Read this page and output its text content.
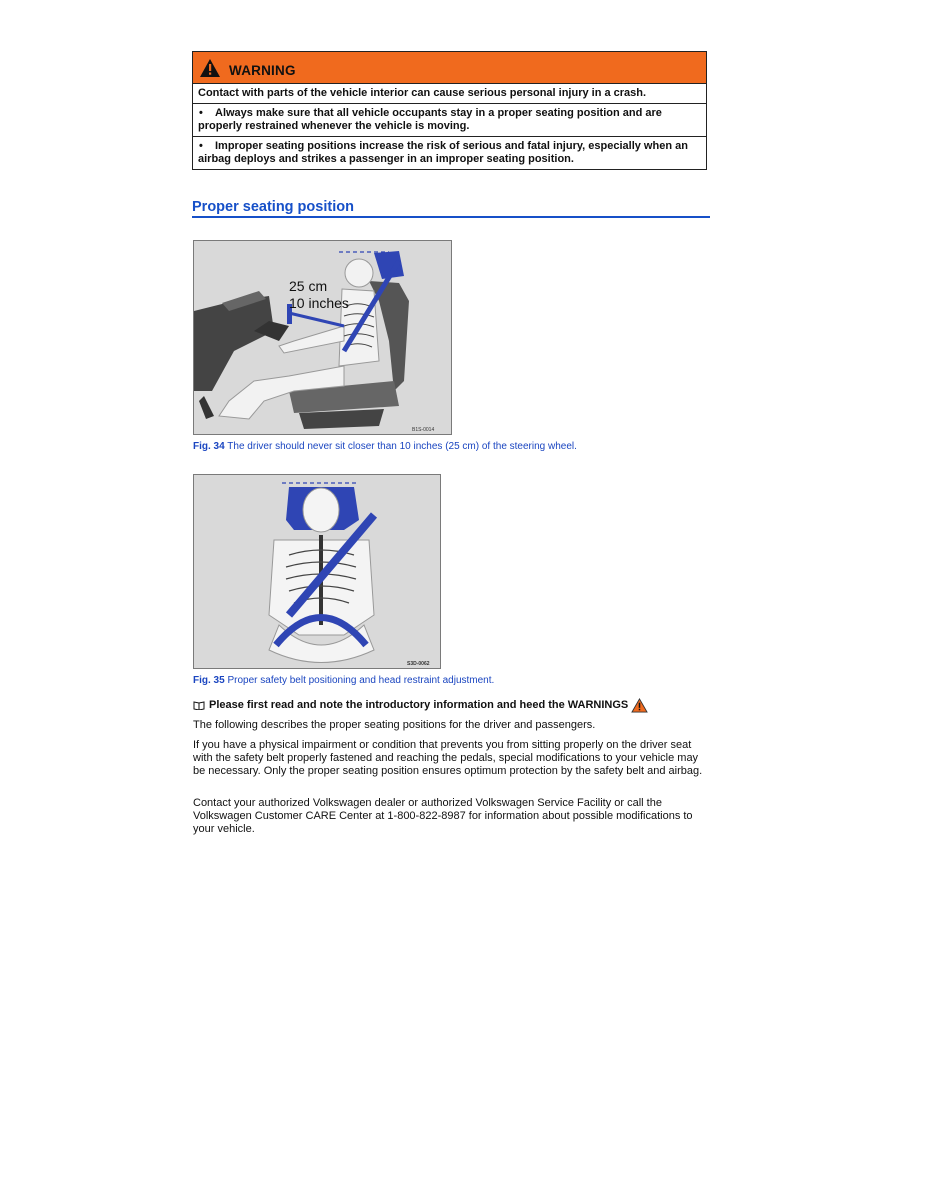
WARNING
Contact with parts of the vehicle interior can cause serious personal injury in a crash.
• Always make sure that all vehicle occupants stay in a proper seating position and are properly restrained whenever the vehicle is moving.
• Improper seating positions increase the risk of serious and fatal injury, especially when an airbag deploys and strikes a passenger in an improper seating position.
Proper seating position
25 cm
10 inches
B1S-0014
Fig. 34 The driver should never sit closer than 10 inches (25 cm) of the steering wheel.
S3D-0062
Fig. 35 Proper safety belt positioning and head restraint adjustment.
Please first read and note the introductory information and heed the WARNINGS
The following describes the proper seating positions for the driver and passengers.
If you have a physical impairment or condition that prevents you from sitting properly on the driver seat with the safety belt properly fastened and reaching the pedals, special modifications to your vehicle may be necessary. Only the proper seating position ensures optimum protection by the safety belt and airbag.
Contact your authorized Volkswagen dealer or authorized Volkswagen Service Facility or call the Volkswagen Customer CARE Center at 1-800-822-8987 for information about possible modifications to your vehicle.
